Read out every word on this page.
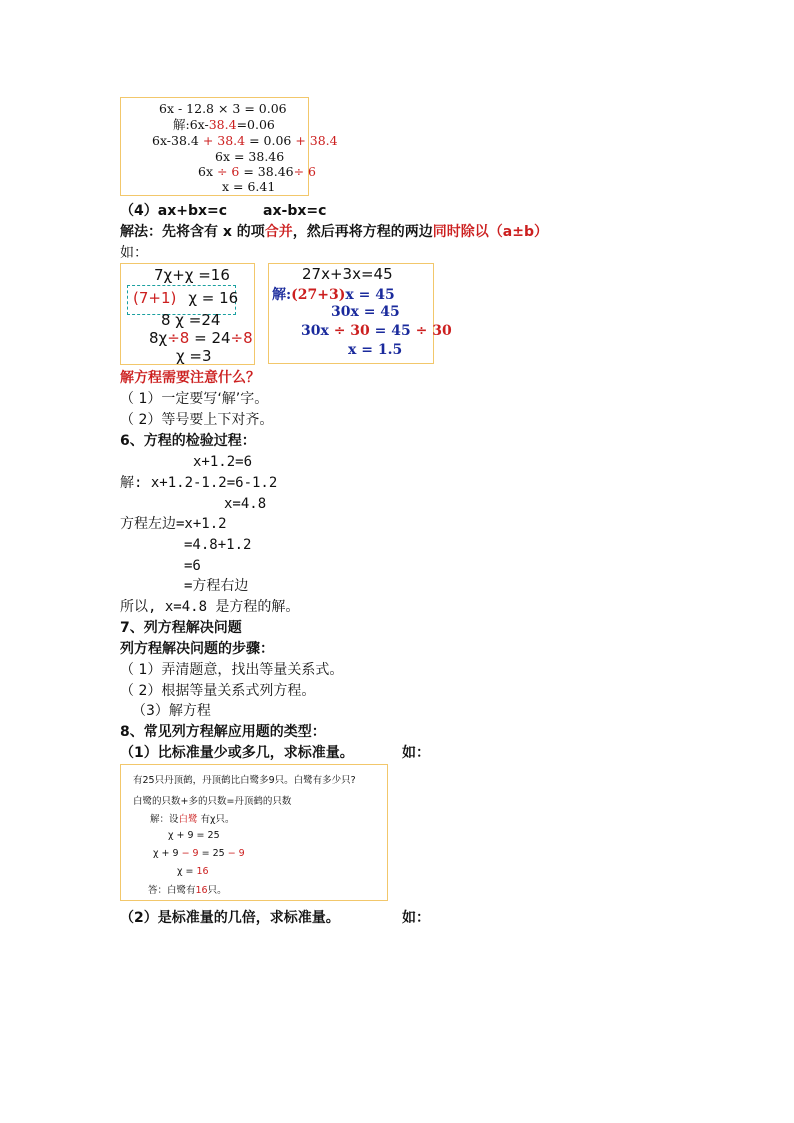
6x - 12.8 × 3 = 0.06
解:6x-38.4=0.06
6x-38.4 + 38.4 = 0.06 + 38.4
6x = 38.46
6x ÷ 6 = 38.46÷ 6
x = 6.41
（4）ax+bx=c	ax-bx=c
解法：先将含有 x 的项合并，然后再将方程的两边同时除以（a±b）
如：
7χ+χ =16
(7+1) χ = 16
8 χ =24
8χ÷8 = 24÷8
χ =3
27x+3x=45
解:(27+3)x = 45
30x = 45
30x ÷ 30 = 45 ÷ 30
x = 1.5
解方程需要注意什么？
（ 1）一定要写‘解’字。
（ 2）等号要上下对齐。
6、方程的检验过程：
x+1.2=6
解: x+1.2-1.2=6-1.2
x=4.8
方程左边=x+1.2
=4.8+1.2
=6
=方程右边
所以, x=4.8 是方程的解。
7、列方程解决问题
列方程解决问题的步骤：
（ 1）弄清题意，找出等量关系式。
（ 2）根据等量关系式列方程。
（3）解方程
8、常见列方程解应用题的类型：
（1）比标准量少或多几，求标准量。	如：
有25只丹顶鹤，丹顶鹤比白鹭多9只。白鹭有多少只?
白鹭的只数+多的只数=丹顶鹤的只数
解：设白鹭 有χ只。
χ + 9 = 25
χ + 9 − 9 = 25 − 9
χ = 16
答：白鹭有16只。
（2）是标准量的几倍，求标准量。	如：
